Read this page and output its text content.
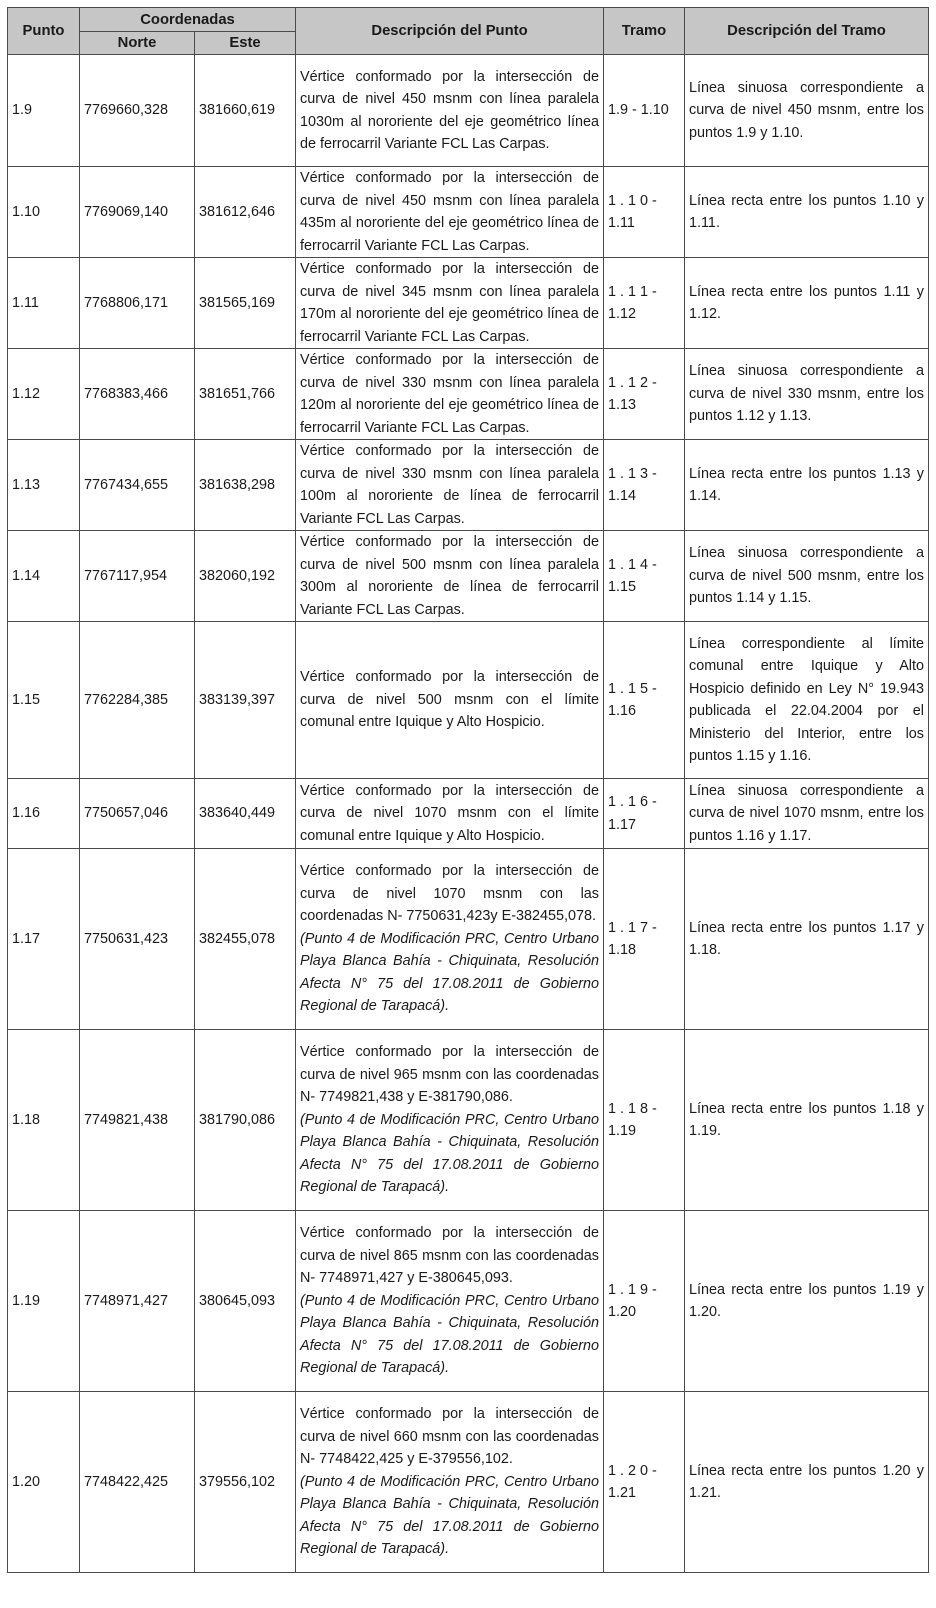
Punto	Coordenadas		Descripción del Punto	Tramo	Descripción del Tramo
	Norte	Este			
1.9	7769660,328	381660,619	Vértice conformado por la intersección de curva de nivel 450 msnm con línea paralela 1030m al nororiente del eje geométrico línea de ferrocarril Variante FCL Las Carpas.	1.9 - 1.10	Línea sinuosa correspondiente a curva de nivel 450 msnm, entre los puntos 1.9 y 1.10.
1.10	7769069,140	381612,646	Vértice conformado por la intersección de curva de nivel 450 msnm con línea paralela 435m al nororiente del eje geométrico línea de ferrocarril Variante FCL Las Carpas.	1 . 1 0 - 1.11	Línea recta entre los puntos 1.10 y 1.11.
1.11	7768806,171	381565,169	Vértice conformado por la intersección de curva de nivel 345 msnm con línea paralela 170m al nororiente del eje geométrico línea de ferrocarril Variante FCL Las Carpas.	1 . 1 1 - 1.12	Línea recta entre los puntos 1.11 y 1.12.
1.12	7768383,466	381651,766	Vértice conformado por la intersección de curva de nivel 330 msnm con línea paralela 120m al nororiente del eje geométrico línea de ferrocarril Variante FCL Las Carpas.	1 . 1 2 - 1.13	Línea sinuosa correspondiente a curva de nivel 330 msnm, entre los puntos 1.12 y 1.13.
1.13	7767434,655	381638,298	Vértice conformado por la intersección de curva de nivel 330 msnm con línea paralela 100m al nororiente de línea de ferrocarril Variante FCL Las Carpas.	1 . 1 3 - 1.14	Línea recta entre los puntos 1.13 y 1.14.
1.14	7767117,954	382060,192	Vértice conformado por la intersección de curva de nivel 500 msnm con línea paralela 300m al nororiente de línea de ferrocarril Variante FCL Las Carpas.	1 . 1 4 - 1.15	Línea sinuosa correspondiente a curva de nivel 500 msnm, entre los puntos 1.14 y 1.15.
1.15	7762284,385	383139,397	Vértice conformado por la intersección de curva de nivel 500 msnm con el límite comunal entre Iquique y Alto Hospicio.	1 . 1 5 - 1.16	Línea correspondiente al límite comunal entre Iquique y Alto Hospicio definido en Ley N° 19.943 publicada el 22.04.2004 por el Ministerio del Interior, entre los puntos 1.15 y 1.16.
1.16	7750657,046	383640,449	Vértice conformado por la intersección de curva de nivel 1070 msnm con el límite comunal entre Iquique y Alto Hospicio.	1 . 1 6 - 1.17	Línea sinuosa correspondiente a curva de nivel 1070 msnm, entre los puntos 1.16 y 1.17.
1.17	7750631,423	382455,078	Vértice conformado por la intersección de curva de nivel 1070 msnm con las coordenadas N- 7750631,423y E-382455,078.
(Punto 4 de Modificación PRC, Centro Urbano Playa Blanca Bahía - Chiquinata, Resolución Afecta N° 75 del 17.08.2011 de Gobierno Regional de Tarapacá).	1 . 1 7 - 1.18	Línea recta entre los puntos 1.17 y 1.18.
1.18	7749821,438	381790,086	Vértice conformado por la intersección de curva de nivel 965 msnm con las coordenadas N- 7749821,438 y E-381790,086.
(Punto 4 de Modificación PRC, Centro Urbano Playa Blanca Bahía - Chiquinata, Resolución Afecta N° 75 del 17.08.2011 de Gobierno Regional de Tarapacá).	1 . 1 8 - 1.19	Línea recta entre los puntos 1.18 y 1.19.
1.19	7748971,427	380645,093	Vértice conformado por la intersección de curva de nivel 865 msnm con las coordenadas N- 7748971,427 y E-380645,093.
(Punto 4 de Modificación PRC, Centro Urbano Playa Blanca Bahía - Chiquinata, Resolución Afecta N° 75 del 17.08.2011 de Gobierno Regional de Tarapacá).	1 . 1 9 - 1.20	Línea recta entre los puntos 1.19 y 1.20.
1.20	7748422,425	379556,102	Vértice conformado por la intersección de curva de nivel 660 msnm con las coordenadas N- 7748422,425 y E-379556,102.
(Punto 4 de Modificación PRC, Centro Urbano Playa Blanca Bahía - Chiquinata, Resolución Afecta N° 75 del 17.08.2011 de Gobierno Regional de Tarapacá).	1 . 2 0 - 1.21	Línea recta entre los puntos 1.20 y 1.21.
